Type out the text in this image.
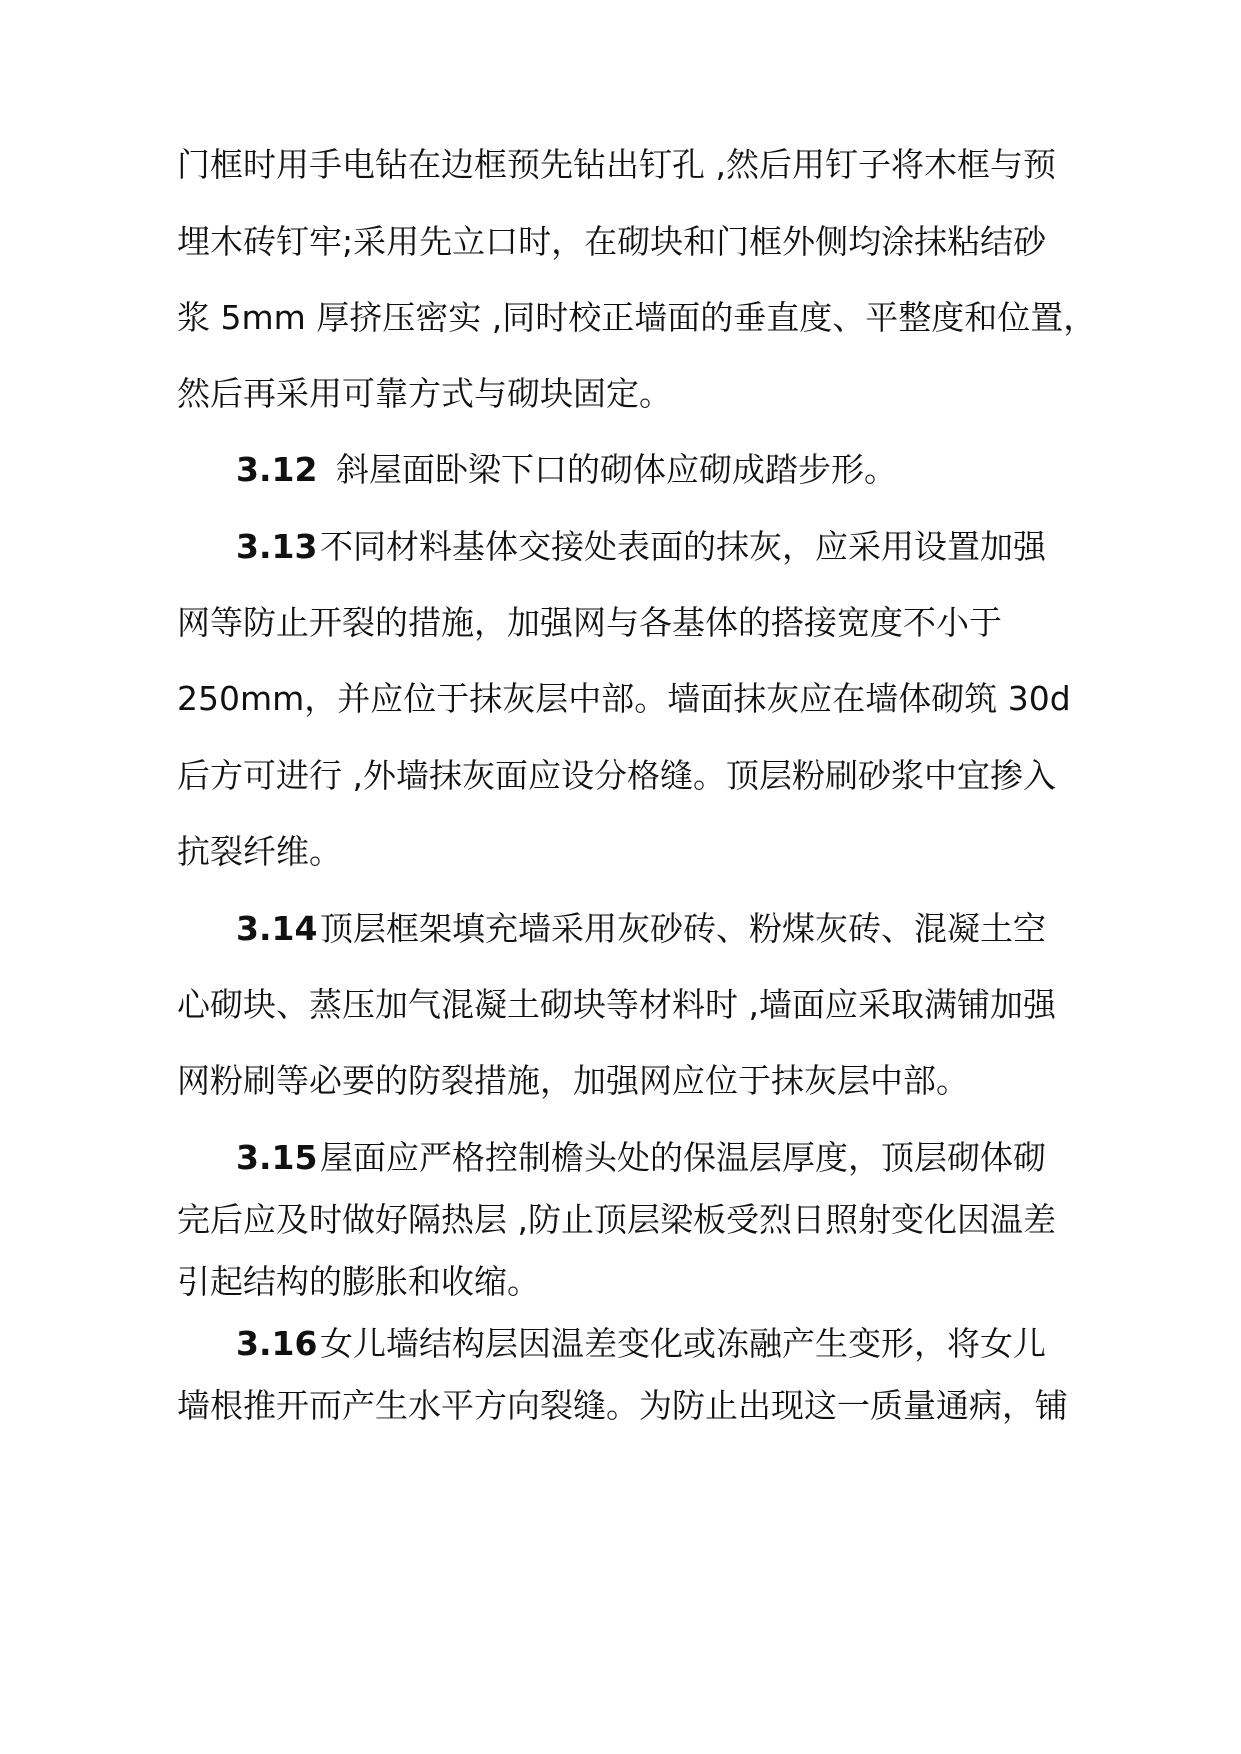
门框时用手电钻在边框预先钻出钉孔 ,然后用钉子将木框与预
埋木砖钉牢;采用先立口时，在砌块和门框外侧均涂抹粘结砂
浆 5mm 厚挤压密实 ,同时校正墙面的垂直度、平整度和位置，
然后再采用可靠方式与砌块固定。
3.12 斜屋面卧梁下口的砌体应砌成踏步形。
3.13不同材料基体交接处表面的抹灰，应采用设置加强
网等防止开裂的措施，加强网与各基体的搭接宽度不小于
250mm，并应位于抹灰层中部。墙面抹灰应在墙体砌筑 30d
后方可进行 ,外墙抹灰面应设分格缝。顶层粉刷砂浆中宜掺入
抗裂纤维。
3.14顶层框架填充墙采用灰砂砖、粉煤灰砖、混凝土空
心砌块、蒸压加气混凝土砌块等材料时 ,墙面应采取满铺加强
网粉刷等必要的防裂措施，加强网应位于抹灰层中部。
3.15屋面应严格控制檐头处的保温层厚度，顶层砌体砌
完后应及时做好隔热层 ,防止顶层梁板受烈日照射变化因温差
引起结构的膨胀和收缩。
3.16女儿墙结构层因温差变化或冻融产生变形，将女儿
墙根推开而产生水平方向裂缝。为防止出现这一质量通病，铺
